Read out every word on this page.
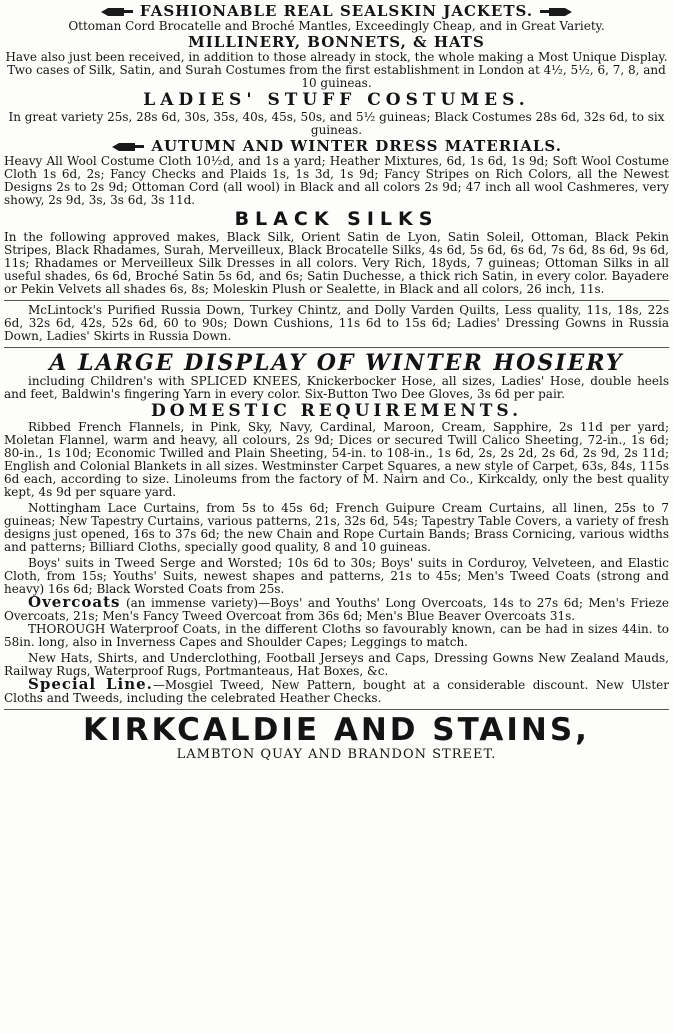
FASHIONABLE REAL SEALSKIN JACKETS.
Ottoman Cord Brocatelle and Broché Mantles, Exceedingly Cheap, and in Great Variety.
MILLINERY, BONNETS, & HATS
Have also just been received, in addition to those already in stock, the whole making a Most Unique Display.
Two cases of Silk, Satin, and Surah Costumes from the first establishment in London at 4½, 5½, 6, 7, 8, and 10 guineas.
LADIES' STUFF COSTUMES.
In great variety 25s, 28s 6d, 30s, 35s, 40s, 45s, 50s, and 5½ guineas; Black Costumes 28s 6d, 32s 6d, to six guineas.
AUTUMN AND WINTER DRESS MATERIALS.
Heavy All Wool Costume Cloth 10½d, and 1s a yard; Heather Mixtures, 6d, 1s 6d, 1s 9d; Soft Wool Costume Cloth 1s 6d, 2s; Fancy Checks and Plaids 1s, 1s 3d, 1s 9d; Fancy Stripes on Rich Colors, all the Newest Designs 2s to 2s 9d; Ottoman Cord (all wool) in Black and all colors 2s 9d; 47 inch all wool Cashmeres, very showy, 2s 9d, 3s, 3s 6d, 3s 11d.
BLACK SILKS
In the following approved makes, Black Silk, Orient Satin de Lyon, Satin Soleil, Ottoman, Black Pekin Stripes, Black Rhadames, Surah, Merveilleux, Black Brocatelle Silks, 4s 6d, 5s 6d, 6s 6d, 7s 6d, 8s 6d, 9s 6d, 11s; Rhadames or Merveilleux Silk Dresses in all colors. Very Rich, 18yds, 7 guineas; Ottoman Silks in all useful shades, 6s 6d, Broché Satin 5s 6d, and 6s; Satin Duchesse, a thick rich Satin, in every color. Bayadere or Pekin Velvets all shades 6s, 8s; Moleskin Plush or Sealette, in Black and all colors, 26 inch, 11s.
McLintock's Purified Russia Down, Turkey Chintz, and Dolly Varden Quilts, Less quality, 11s, 18s, 22s 6d, 32s 6d, 42s, 52s 6d, 60 to 90s; Down Cushions, 11s 6d to 15s 6d; Ladies' Dressing Gowns in Russia Down, Ladies' Skirts in Russia Down.
A LARGE DISPLAY OF WINTER HOSIERY
including Children's with SPLICED KNEES, Knickerbocker Hose, all sizes, Ladies' Hose, double heels and feet, Baldwin's fingering Yarn in every color. Six-Button Two Dee Gloves, 3s 6d per pair.
DOMESTIC REQUIREMENTS.
Ribbed French Flannels, in Pink, Sky, Navy, Cardinal, Maroon, Cream, Sapphire, 2s 11d per yard; Moletan Flannel, warm and heavy, all colours, 2s 9d; Dices or secured Twill Calico Sheeting, 72-in., 1s 6d; 80-in., 1s 10d; Economic Twilled and Plain Sheeting, 54-in. to 108-in., 1s 6d, 2s, 2s 2d, 2s 6d, 2s 9d, 2s 11d; English and Colonial Blankets in all sizes. Westminster Carpet Squares, a new style of Carpet, 63s, 84s, 115s 6d each, according to size. Linoleums from the factory of M. Nairn and Co., Kirkcaldy, only the best quality kept, 4s 9d per square yard.
Nottingham Lace Curtains, from 5s to 45s 6d; French Guipure Cream Curtains, all linen, 25s to 7 guineas; New Tapestry Curtains, various patterns, 21s, 32s 6d, 54s; Tapestry Table Covers, a variety of fresh designs just opened, 16s to 37s 6d; the new Chain and Rope Curtain Bands; Brass Cornicing, various widths and patterns; Billiard Cloths, specially good quality, 8 and 10 guineas.
Boys' suits in Tweed Serge and Worsted; 10s 6d to 30s; Boys' suits in Corduroy, Velveteen, and Elastic Cloth, from 15s; Youths' Suits, newest shapes and patterns, 21s to 45s; Men's Tweed Coats (strong and heavy) 16s 6d; Black Worsted Coats from 25s.
Overcoats (an immense variety)—Boys' and Youths' Long Overcoats, 14s to 27s 6d; Men's Frieze Overcoats, 21s; Men's Fancy Tweed Overcoat from 36s 6d; Men's Blue Beaver Overcoats 31s.
THOROUGH Waterproof Coats, in the different Cloths so favourably known, can be had in sizes 44in. to 58in. long, also in Inverness Capes and Shoulder Capes; Leggings to match.
New Hats, Shirts, and Underclothing, Football Jerseys and Caps, Dressing Gowns New Zealand Mauds, Railway Rugs, Waterproof Rugs, Portmanteaus, Hat Boxes, &c.
Special Line.—Mosgiel Tweed, New Pattern, bought at a considerable discount. New Ulster Cloths and Tweeds, including the celebrated Heather Checks.
KIRKCALDIE AND STAINS,
LAMBTON QUAY AND BRANDON STREET.
